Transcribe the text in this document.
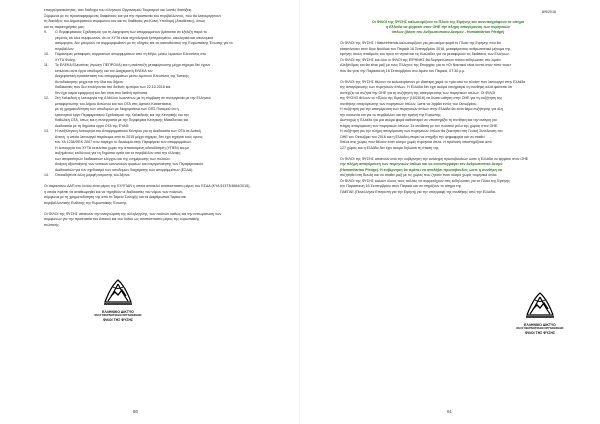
επαγγελματικότητας, σαν διάδοχοι του ελληνικού Οργανισμού Τουρισμού και λοιπές διατάξεις.
Σύμφωνα με τις προαναφερόμενες διαφάνειες και για την προστασία του περιβάλλοντος, που θα λειτουργήσουν
τη διατάξεις του Δημοκρατικού συμφώνου του και τις διαθέσεις για Κοινή Υποδομή (Αποθέσεις), όπως
και τις παρατηρήσεις μας:
9. Ο Περιφερειακός Σχεδιασμός για τη Διαχείριση των απορριμμάτων βρίσκεται σε εξέλιξη παρά το
γεγονός ότι όλοι συμφωνούν, ότι οι ΧΥΤΑ είναι τεχνολογικά ξεπερασμένοι, οικολογικά και οικονομικά
ασύμφοροι, δεν μπορούν να συμμορφωθούν με τις οδηγίες και τις κατευθύνσεις της Ευρωπαϊκής Ένωσης για το
περιβάλλον.
10. Παράνομες μεταφορές σύμμεικτων απορριμμάτων από τη Μήλο, μέσω λιμανιών Ελευσίνας στο
ΧΥΤΑ Φυλής.
11. Το ΕΛΕΚΑ Ελευσίνας (πρώην ΠΕΠΡΟΛΑ) και η ανάπτυξη μεταφόρτωσης μέχρι σήμερα δεν έχουν
εκτελέσει ούτε έργα υποδομής και τον Διαχειριστή ΕΛΕΚΑ τον
Διαχειριστική εγκατάσταση του απορριμμάτων μέσω λιμανιού Ελευσίνας της Τοπικής
Αυτοδιοίκησης μέχρι και την ίδια του δήμου
διαδικασίες που δεν επιλέγονται στο διεθνές εμπόριο των 22.10.2018 και
δεν έχει καμία εφαρμογή και δεν είναι στα διεθνή πρότυπα.
12. Στη Χαλκιδική η λειτουργία της Α Μύλου Ιωαννίνων με τη σύμβαση σε συνεργασία με την Ελληνικό
μεταφόρτωσης του Δήμου Αντώνου και του ΟΤΑ στις Αρτικές Καταστάσεις.
με τη χρηματοδότηση των υποδομών με διαχειριστικά των ΟΠΣ Ποταμού ότι η
ερευνητικό έργο Περιφερειακού Σχεδιασμού της Χαλκιδικής και της Κεντρικής και την
Καθολική ΟΤΑ, όπως και η συνεργασία με την Περιφέρεια Κεντρικής Μακεδονίας και
Διαδικασία με τη δημόσια έργα ΟΤΑ της ΕΥΑΘ.
13. Η ανεξέλεγκτη λειτουργία του Απορριμματικού Κέντρου για τη Διαδικασία των ΟΤΑ σε Δυτική
Αττική, η οποία λειτουργεί παράνομα από το 2015 μέχρι σήμερα, δεν έχει τηρήσει τους όρους
του ΥΑ 1234/ΦΕΚ 2007 που παρέχει το δικαίωμα στην Περιφέρεια των απορριμμάτων.
Η λειτουργία του ΧΥΤΑ εκτελείται χωρίς την απαιτούμενη αδειοδότηση (ΥΠΕΝ) και με
αυξημένους κινδύνους για τη δημόσια υγεία και το περιβάλλον από την έλλειψη
των απαραίτητων διαδικασιών ελέγχου και της ενημέρωσης των πολιτών.
Ανάγκη αξιοποίησης των τοπικών κοινωνικών φορέων και ενεργοποίησης των Περιφερειακών
Διαδικασιών για τον σχεδιασμό των υποδομών διαχείρισης των απορριμμάτων (ΕΣΔΑ).
14. Οποιαδήποτε άλλη μορφή εκτροπής του Άξονα.
Οι παραπάνω ΔΑΠ στο Ιονίου είναι μέρος της ΕΧΥΠΑΝ η οποία αποτελεί αναπόσπαστο μέρος του ΕΣΔΑ (ΚΥΑ 51373/4684/2015),
η οποία πρέπει να αναθεωρηθεί και να τηρηθούν οι διαδικασίες του νόμου των πολιτών,
σύμφωνα με τη χρηματοδότηση της από το Ταμείο Συνοχής και τα Διαρθρωτικά Ταμεία και
περιβαλλοντικής Ευθύνης της Ευρωπαϊκής Ένωσης.
Οι ΦΙΛΟΙ της ΦΥΣΗΣ απαιτούν την αναγνώριση της αλληλεγγύης, των πολιτών καθώς και την ενσωμάτωση των
συμφώνων για την προστασία του Αττικού και του Ιονίου ως αναπόσπαστο μέρος της ευρωπαϊκής
πολιτικής.
ΕΛΛΗΝΙΚΟ ΔΙΚΤΥΟ
ΜΗ ΚΥΒΕΡΝΗΤΙΚΩΝ ΟΡΓΑΝΩΣΕΩΝ
ΦΙΛΟΙ ΤΗΣ ΦΥΣΗΣ
60
8/9/2016
Οι ΦΙΛΟΙ της ΦΥΣΗΣ καλωσορίζουν το Πλοίο της Ειρήνης και συνυπογράφουν το αίτημα
η Ελλάδα να ψηφίσει στον ΟΗΕ την πλήρη απαγόρευση των πυρηνικών
όπλων (βάσει του Ανθρωπιστικού Δεσμού - Humanitarian Pledge)
Οι ΦΙΛΟΙ της ΦΥΣΗΣ / Naturefriends καλωσορίζουν για μια ακόμα φορά το Πλοίο της Ειρήνης που θα
καταπλεύσει στον Άγιο Νικόλαο του Πειραιά 16 Σεπτεμβρίου 2016, μεταφέροντας ανθρωπιστικό μήνυμα της
ειρήνης στους σταθμούς του προς τα νησιά και τις Κυκλάδες για να μεταφέρουν τις διαθέσεις των Ελλήνων.
Οι ΦΙΛΟΙ της ΦΥΣΗΣ και όλοι οι ΦΙΛΟΙ της ΕΙΡΗΝΗΣ θα διοργανώσουν πάντα εκδηλώσεις στο λιμάνι
Αλεξάνδρας και θα είναι μαζί με τους Έλληνες της Επαρχίας για το «Οι Ναυτικοί είναι κοντά στον τόπο τους»
που θα γίνει την Παρασκευή 16 Σεπτεμβρίου στο λιμάνι του Πειραιά, 07:30 μ.μ.
Οι ΦΙΛΟΙ της ΦΥΣΗΣ θέλουν να καλωσορίσουν με ιδιαίτερη χαρά το «μία από τα πλοία» που λειτουργεί στην Ελλάδα
της απαγόρευσης των πυρηνικών όπλων. Η Ελλάδα δεν έχει ακόμα υπογράψει τη συνθήκη αλλά φαίνεται ότι
συνεχίζει να συζητά την ΟΗΕ για τη συζήτηση της απαγόρευσης των πυρηνικών όπλων. Οι ΦΙΛΟΙ
της ΦΥΣΗΣ θέλουν το «Πλοίο της Ειρήνης» (10/2016) να δώσει ώθηση στην ΟΗΕ για τη συζήτηση της
συνθήκης απαγόρευσης των πυρηνικών όπλων, ώστε να ληφθεί εντός του Οκτωβρίου.
Η συζήτηση για την απαγόρευση των πυρηνικών όπλων στην Ελλάδα θα είναι θέμα συζήτησης για όλη
την κοινωνία και για το περιβάλλον και την ειρήνη της Ευρώπης.
Δυστυχώς η Ελλάδα για μια ακόμα φορά καθυστερεί να υποστηρίξει τη συνθήκη και την ανάγκη για
πλήρη απαγόρευση των πυρηνικών όπλων. Σε αντίθεση με τον πολιτικό ρόλο της χώρας στον ΟΗΕ.
Η συζήτηση για την πλήρη απαγόρευση των πυρηνικών όπλων θα ξεκινήσει στη Γενική Συνέλευση του
ΟΗΕ τον Οκτώβριο του 2016 και η Ελλάδα μπορεί να στηρίξει την ψηφοφορία και να σταθεί
δίπλα στις χώρες που θέλουν έναν κόσμο χωρίς πυρηνικά όπλα. Η πρόταση υποστηρίζεται από
127 χώρες και η Ελλάδα δεν έχει ακόμα δηλώσει τη στάση της.
Οι ΦΙΛΟΙ της ΦΥΣΗΣ απαιτούν από την κυβέρνηση την ανάληψη πρωτοβουλιών ώστε η Ελλάδα να ψηφίσει στον ΟΗΕ
την πλήρη απαγόρευση των πυρηνικών όπλων και να συνυπογράψει τον Ανθρωπιστικό Δεσμό
(Humanitarian Pledge). Η κυβέρνηση θα πρέπει να αναλάβει πρωτοβουλίες ώστε η συνθήκη να
συζητηθεί στη Βουλή και να σταθεί μαζί με τις χώρες που ζητούν έναν κόσμο χωρίς πυρηνικά όπλα.
Οι ΦΙΛΟΙ της ΦΥΣΗΣ καλούν όλους τους πολίτες να συμμετέχουν στις εκδηλώσεις για το Πλοίο της Ειρήνης
την Παρασκευή 16 Σεπτεμβρίου στον Πειραιά και να στηρίξουν το αίτημα της
ΠΑΕΓΑΕ (Πανελλήνια Επιτροπή για την Ειρήνη) για την υπογραφή της συνθήκης από την Ελλάδα.
ΕΛΛΗΝΙΚΟ ΔΙΚΤΥΟ
ΜΗ ΚΥΒΕΡΝΗΤΙΚΩΝ ΟΡΓΑΝΩΣΕΩΝ
ΦΙΛΟΙ ΤΗΣ ΦΥΣΗΣ
61
